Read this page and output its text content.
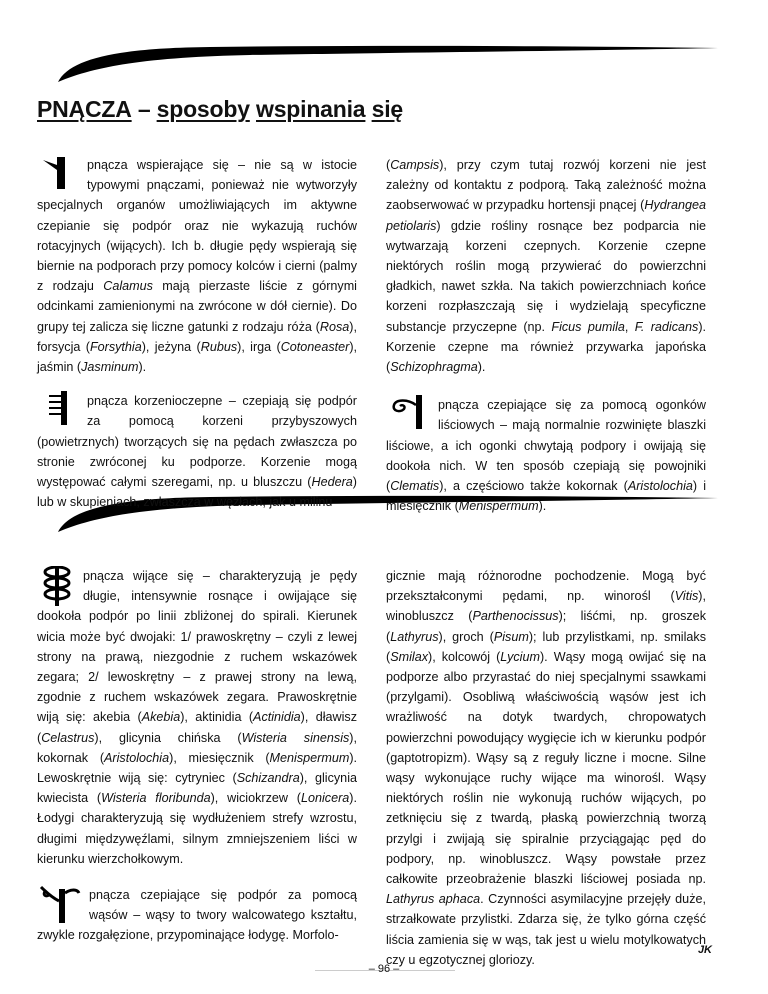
PNĄCZA – sposoby wspinania się

pnącza wspierające się – nie są w istocie typowymi pnączami, ponieważ nie wytworzyły specjalnych organów umożliwiających im aktywne czepianie się podpór oraz nie wykazują ruchów rotacyjnych (wijących). Ich b. długie pędy wspierają się biernie na podporach przy pomocy kolców i cierni (palmy z rodzaju Calamus mają pierzaste liście z górnymi odcinkami zamienionymi na zwrócone w dół ciernie). Do grupy tej zalicza się liczne gatunki z rodzaju róża (Rosa), forsycja (Forsythia), jeżyna (Rubus), irga (Cotoneaster), jaśmin (Jasminum).

pnącza korzenioczepne – czepiają się podpór za pomocą korzeni przybyszowych (powietrznych) tworzących się na pędach zwłaszcza po stronie zwróconej ku podporze. Korzenie mogą występować całymi szeregami, np. u bluszczu (Hedera) lub w skupieniach, zwłaszcza w węzłach, jak u milinu

(Campsis), przy czym tutaj rozwój korzeni nie jest zależny od kontaktu z podporą. Taką zależność można zaobserwować w przypadku hortensji pnącej (Hydrangea petiolaris) gdzie rośliny rosnące bez podparcia nie wytwarzają korzeni czepnych. Korzenie czepne niektórych roślin mogą przywierać do powierzchni gładkich, nawet szkła. Na takich powierzchniach końce korzeni rozpłaszczają się i wydzielają specyficzne substancje przyczepne (np. Ficus pumila, F. radicans). Korzenie czepne ma również przywarka japońska (Schizophragma).

pnącza czepiające się za pomocą ogonków liściowych – mają normalnie rozwinięte blaszki liściowe, a ich ogonki chwytają podpory i owijają się dookoła nich. W ten sposób czepiają się powojniki (Clematis), a częściowo także kokornak (Aristolochia) i miesięcznik (Menispermum).

pnącza wijące się – charakteryzują je pędy długie, intensywnie rosnące i owijające się dookoła podpór po linii zbliżonej do spirali. Kierunek wicia może być dwojaki: 1/ prawoskrętny – czyli z lewej strony na prawą, niezgodnie z ruchem wskazówek zegara; 2/ lewoskrętny – z prawej strony na lewą, zgodnie z ruchem wskazówek zegara. Prawoskrętnie wiją się: akebia (Akebia), aktinidia (Actinidia), dławisz (Celastrus), glicynia chińska (Wisteria sinensis), kokornak (Aristolochia), miesięcznik (Menispermum). Lewoskrętnie wiją się: cytryniec (Schizandra), glicynia kwiecista (Wisteria floribunda), wiciokrzew (Lonicera). Łodygi charakteryzują się wydłużeniem strefy wzrostu, długimi międzywęźlami, silnym zmniejszeniem liści w kierunku wierzchołkowym.

pnącza czepiające się podpór za pomocą wąsów – wąsy to twory walcowatego kształtu, zwykle rozgałęzione, przypominające łodygę. Morfolo-

gicznie mają różnorodne pochodzenie. Mogą być przekształconymi pędami, np. winorośl (Vitis), winobluszcz (Parthenocissus); liśćmi, np. groszek (Lathyrus), groch (Pisum); lub przylistkami, np. smilaks (Smilax), kolcowój (Lycium). Wąsy mogą owijać się na podporze albo przyrastać do niej specjalnymi ssawkami (przylgami). Osobliwą właściwością wąsów jest ich wrażliwość na dotyk twardych, chropowatych powierzchni powodujący wygięcie ich w kierunku podpór (gaptotropizm). Wąsy są z reguły liczne i mocne. Silne wąsy wykonujące ruchy wijące ma winorośl. Wąsy niektórych roślin nie wykonują ruchów wijących, po zetknięciu się z twardą, płaską powierzchnią tworzą przylgi i zwijają się spiralnie przyciągając pęd do podpory, np. winobluszcz. Wąsy powstałe przez całkowite przeobrażenie blaszki liściowej posiada np. Lathyrus aphaca. Czynności asymilacyjne przejęły duże, strzałkowate przylistki. Zdarza się, że tylko górna część liścia zamienia się w wąs, tak jest u wielu motylkowatych czy u egzotycznej gloriozy.

JK
– 96 –
